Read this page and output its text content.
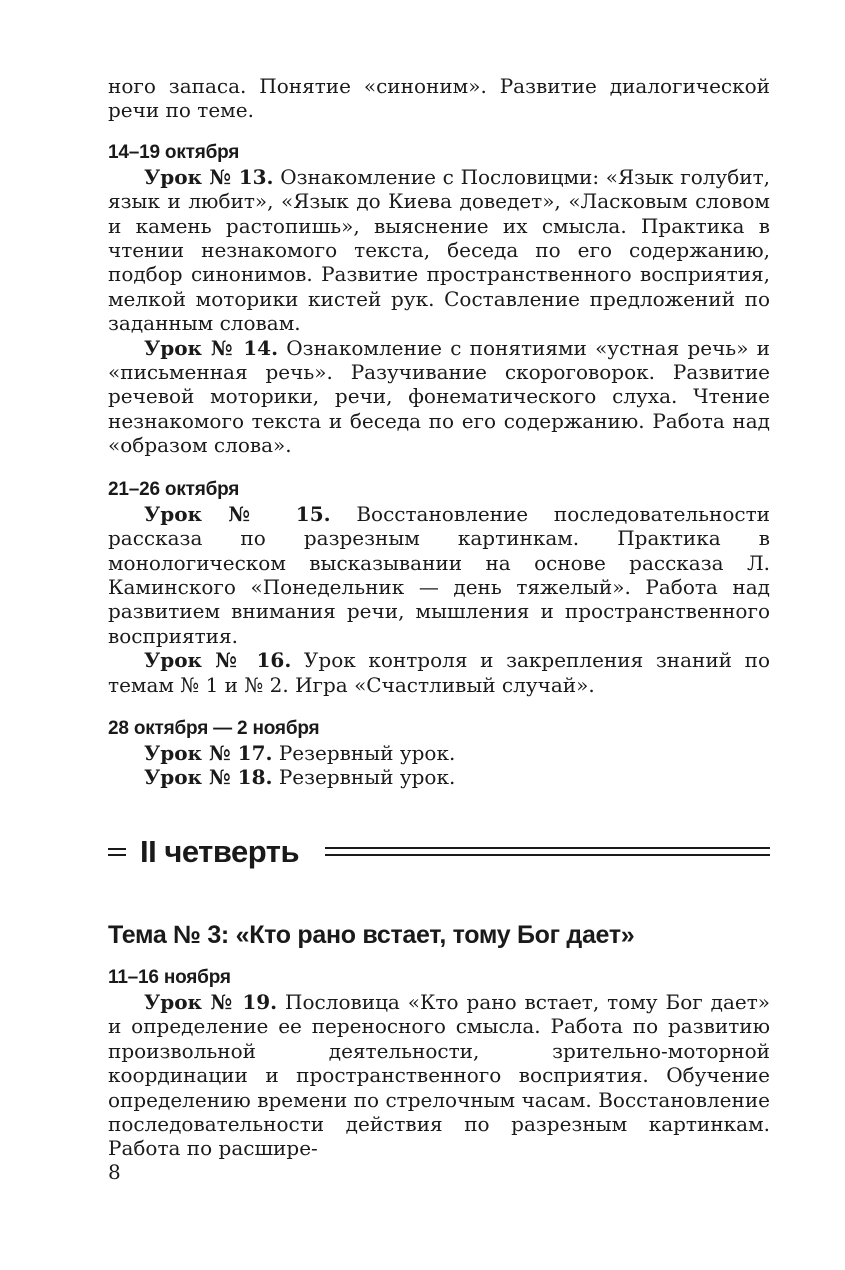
ного запаса. Понятие «синоним». Развитие диалогической речи по теме.

14–19 октября

Урок № 13. Ознакомление с Пословицми: «Язык голубит, язык и любит», «Язык до Киева доведет», «Ласковым словом и камень растопишь», выяснение их смысла. Практика в чтении незнакомого текста, беседа по его содержанию, подбор синонимов. Развитие пространственного восприятия, мелкой моторики кистей рук. Составление предложений по заданным словам.

Урок № 14. Ознакомление с понятиями «устная речь» и «письменная речь». Разучивание скороговорок. Развитие речевой моторики, речи, фонематического слуха. Чтение незнакомого текста и беседа по его содержанию. Работа над «образом слова».

21–26 октября

Урок № 15. Восстановление последовательности рассказа по разрезным картинкам. Практика в монологическом высказывании на основе рассказа Л. Каминского «Понедельник — день тяжелый». Работа над развитием внимания речи, мышления и пространственного восприятия.

Урок № 16. Урок контроля и закрепления знаний по темам № 1 и № 2. Игра «Счастливый случай».

28 октября — 2 ноября

Урок № 17. Резервный урок.

Урок № 18. Резервный урок.

II четверть
Тема № 3: «Кто рано встает, тому Бог дает»
11–16 ноября

Урок № 19. Пословица «Кто рано встает, тому Бог дает» и определение ее переносного смысла. Работа по развитию произвольной деятельности, зрительно-моторной координации и пространственного восприятия. Обучение определению времени по стрелочным часам. Восстановление последовательности действия по разрезным картинкам. Работа по расшире-

8
